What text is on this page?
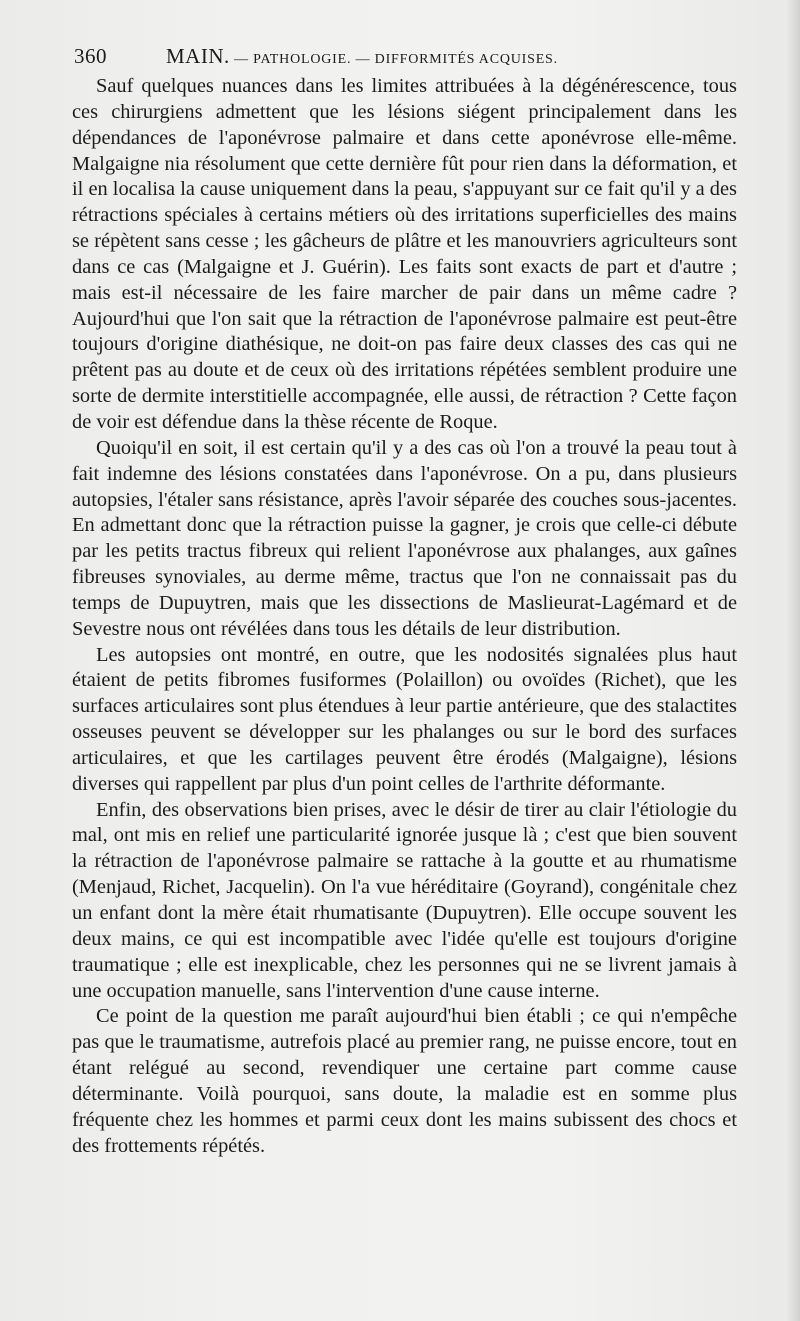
360	MAIN. — PATHOLOGIE. — DIFFORMITÉS ACQUISES.

Sauf quelques nuances dans les limites attribuées à la dégénérescence, tous ces chirurgiens admettent que les lésions siégent principalement dans les dépendances de l'aponévrose palmaire et dans cette aponévrose elle-même. Malgaigne nia résolument que cette dernière fût pour rien dans la déformation, et il en localisa la cause uniquement dans la peau, s'appuyant sur ce fait qu'il y a des rétractions spéciales à certains métiers où des irritations superficielles des mains se répètent sans cesse ; les gâcheurs de plâtre et les manouvriers agriculteurs sont dans ce cas (Malgaigne et J. Guérin). Les faits sont exacts de part et d'autre ; mais est-il nécessaire de les faire marcher de pair dans un même cadre ? Aujourd'hui que l'on sait que la rétraction de l'aponévrose palmaire est peut-être toujours d'origine diathésique, ne doit-on pas faire deux classes des cas qui ne prêtent pas au doute et de ceux où des irritations répétées semblent produire une sorte de dermite interstitielle accompagnée, elle aussi, de rétraction ? Cette façon de voir est défendue dans la thèse récente de Roque.

Quoiqu'il en soit, il est certain qu'il y a des cas où l'on a trouvé la peau tout à fait indemne des lésions constatées dans l'aponévrose. On a pu, dans plusieurs autopsies, l'étaler sans résistance, après l'avoir séparée des couches sous-jacentes. En admettant donc que la rétraction puisse la gagner, je crois que celle-ci débute par les petits tractus fibreux qui relient l'aponévrose aux phalanges, aux gaînes fibreuses synoviales, au derme même, tractus que l'on ne connaissait pas du temps de Dupuytren, mais que les dissections de Maslieurat-Lagémard et de Sevestre nous ont révélées dans tous les détails de leur distribution.

Les autopsies ont montré, en outre, que les nodosités signalées plus haut étaient de petits fibromes fusiformes (Polaillon) ou ovoïdes (Richet), que les surfaces articulaires sont plus étendues à leur partie antérieure, que des stalactites osseuses peuvent se développer sur les phalanges ou sur le bord des surfaces articulaires, et que les cartilages peuvent être érodés (Malgaigne), lésions diverses qui rappellent par plus d'un point celles de l'arthrite déformante.

Enfin, des observations bien prises, avec le désir de tirer au clair l'étiologie du mal, ont mis en relief une particularité ignorée jusque là ; c'est que bien souvent la rétraction de l'aponévrose palmaire se rattache à la goutte et au rhumatisme (Menjaud, Richet, Jacquelin). On l'a vue héréditaire (Goyrand), congénitale chez un enfant dont la mère était rhumatisante (Dupuytren). Elle occupe souvent les deux mains, ce qui est incompatible avec l'idée qu'elle est toujours d'origine traumatique ; elle est inexplicable, chez les personnes qui ne se livrent jamais à une occupation manuelle, sans l'intervention d'une cause interne.

Ce point de la question me paraît aujourd'hui bien établi ; ce qui n'empêche pas que le traumatisme, autrefois placé au premier rang, ne puisse encore, tout en étant relégué au second, revendiquer une certaine part comme cause déterminante. Voilà pourquoi, sans doute, la maladie est en somme plus fréquente chez les hommes et parmi ceux dont les mains subissent des chocs et des frottements répétés.
